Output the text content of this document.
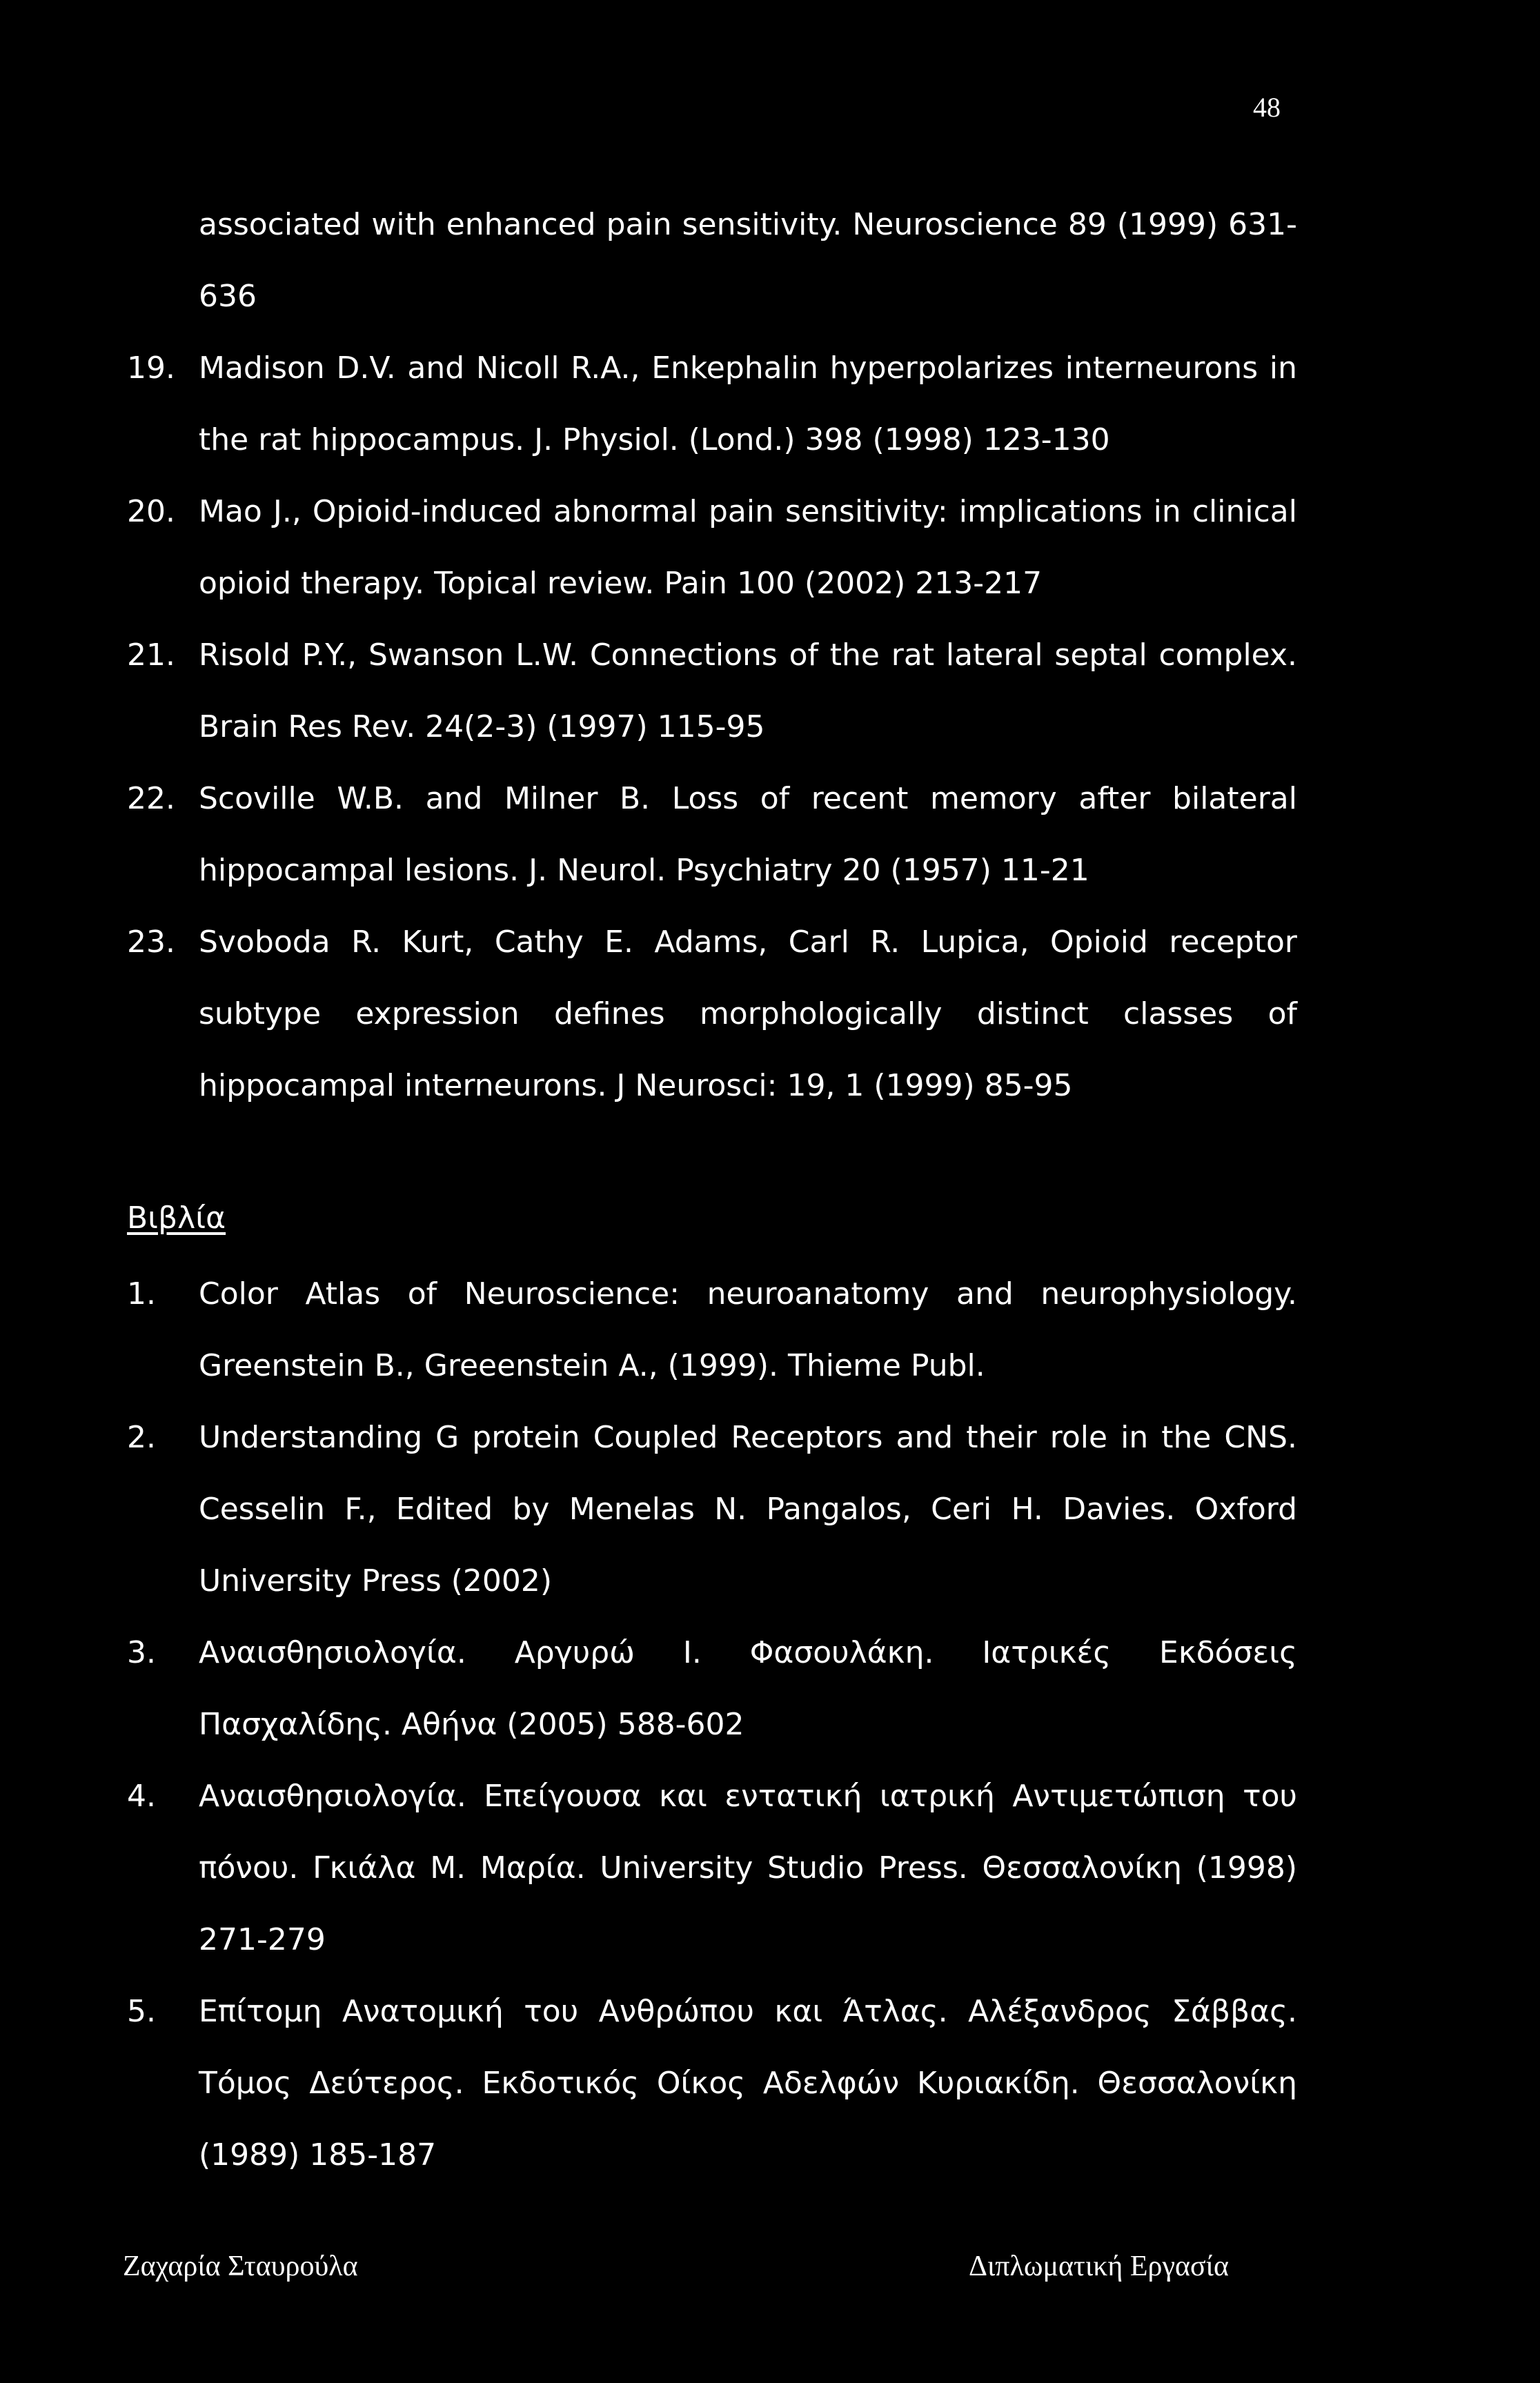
48
associated with enhanced pain sensitivity. Neuroscience 89 (1999) 631-636
19. Madison D.V. and Nicoll R.A., Enkephalin hyperpolarizes interneurons in the rat hippocampus. J. Physiol. (Lond.) 398 (1998) 123-130
20. Mao J., Opioid-induced abnormal pain sensitivity: implications in clinical opioid therapy. Topical review. Pain 100 (2002) 213-217
21. Risold P.Y., Swanson L.W. Connections of the rat lateral septal complex. Brain Res Rev. 24(2-3) (1997) 115-95
22. Scoville W.B. and Milner B. Loss of recent memory after bilateral hippocampal lesions. J. Neurol. Psychiatry 20 (1957) 11-21
23. Svoboda R. Kurt, Cathy E. Adams, Carl R. Lupica, Opioid receptor subtype expression defines morphologically distinct classes of hippocampal interneurons. J Neurosci: 19, 1 (1999) 85-95
Βιβλία
1. Color Atlas of Neuroscience: neuroanatomy and neurophysiology. Greenstein B., Greeenstein A., (1999). Thieme Publ.
2. Understanding G protein Coupled Receptors and their role in the CNS. Cesselin F., Edited by Menelas N. Pangalos, Ceri H. Davies. Oxford University Press (2002)
3. Αναισθησιολογία. Αργυρώ Ι. Φασουλάκη. Ιατρικές Εκδόσεις Πασχαλίδης. Αθήνα (2005) 588-602
4. Αναισθησιολογία. Επείγουσα και εντατική ιατρική Αντιμετώπιση του πόνου. Γκιάλα Μ. Μαρία. University Studio Press. Θεσσαλονίκη (1998) 271-279
5. Επίτομη Ανατομική του Ανθρώπου και Άτλας. Αλέξανδρος Σάββας. Τόμος Δεύτερος. Εκδοτικός Οίκος Αδελφών Κυριακίδη. Θεσσαλονίκη (1989) 185-187
Ζαχαρία Σταυρούλα	Διπλωματική Εργασία
